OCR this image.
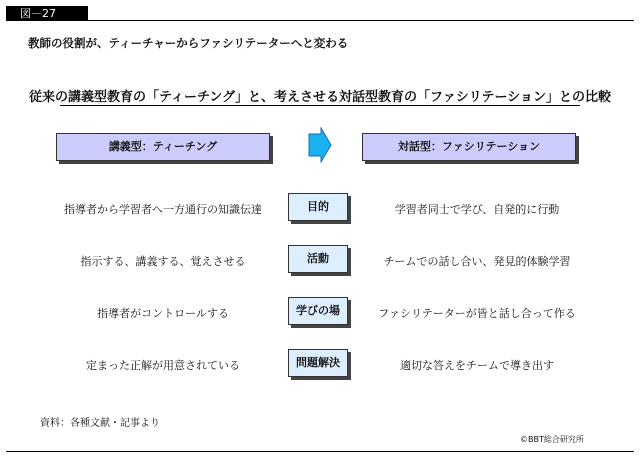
図－27
教師の役割が、ティーチャーからファシリテーターへと変わる
従来の講義型教育の「ティーチング」と、考えさせる対話型教育の「ファシリテーション」との比較
講義型：ティーチング	対話型：ファシリテーション
指導者から学習者へ一方通行の知識伝達	目的	学習者同士で学び、自発的に行動
指示する、講義する、覚えさせる	活動	チームでの話し合い、発見的体験学習
指導者がコントロールする	学びの場	ファシリテーターが皆と話し合って作る
定まった正解が用意されている	問題解決	適切な答えをチームで導き出す
資料：各種文献・記事より
©BBT総合研究所
